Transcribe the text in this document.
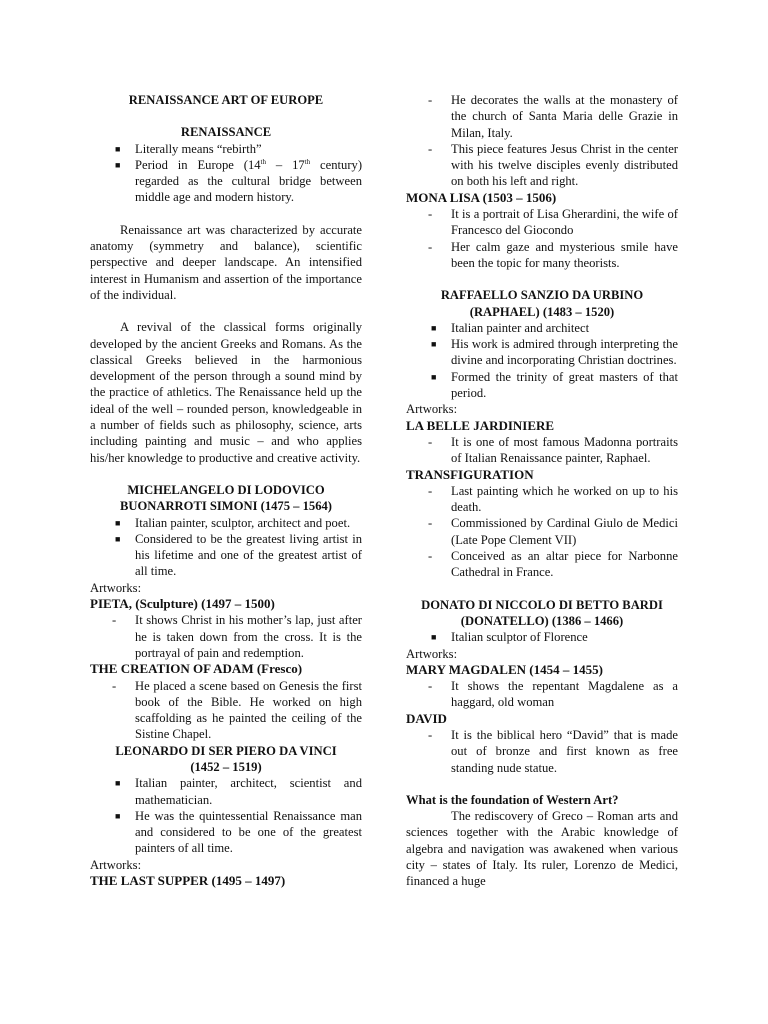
RENAISSANCE ART OF EUROPE

RENAISSANCE

■ Literally means “rebirth”
■ Period in Europe (14th – 17th century) regarded as the cultural bridge between middle age and modern history.

Renaissance art was characterized by accurate anatomy (symmetry and balance), scientific perspective and deeper landscape. An intensified interest in Humanism and assertion of the importance of the individual.

A revival of the classical forms originally developed by the ancient Greeks and Romans. As the classical Greeks believed in the harmonious development of the person through a sound mind by the practice of athletics. The Renaissance held up the ideal of the well – rounded person, knowledgeable in a number of fields such as philosophy, science, arts including painting and music – and who applies his/her knowledge to productive and creative activity.

MICHELANGELO DI LODOVICO BUONARROTI SIMONI (1475 – 1564)

■ Italian painter, sculptor, architect and poet.
■ Considered to be the greatest living artist in his lifetime and one of the greatest artist of all time.

Artworks:

PIETA, (Sculpture) (1497 – 1500)

- It shows Christ in his mother’s lap, just after he is taken down from the cross. It is the portrayal of pain and redemption.

THE CREATION OF ADAM (Fresco)

- He placed a scene based on Genesis the first book of the Bible. He worked on high scaffolding as he painted the ceiling of the Sistine Chapel.

LEONARDO DI SER PIERO DA VINCI
(1452 – 1519)

■ Italian painter, architect, scientist and mathematician.
■ He was the quintessential Renaissance man and considered to be one of the greatest painters of all time.

Artworks:

THE LAST SUPPER (1495 – 1497)

- He decorates the walls at the monastery of the church of Santa Maria delle Grazie in Milan, Italy.
- This piece features Jesus Christ in the center with his twelve disciples evenly distributed on both his left and right.

MONA LISA (1503 – 1506)

- It is a portrait of Lisa Gherardini, the wife of Francesco del Giocondo
- Her calm gaze and mysterious smile have been the topic for many theorists.

RAFFAELLO SANZIO DA URBINO
(RAPHAEL) (1483 – 1520)

■ Italian painter and architect
■ His work is admired through interpreting the divine and incorporating Christian doctrines.
■ Formed the trinity of great masters of that period.

Artworks:

LA BELLE JARDINIERE

- It is one of most famous Madonna portraits of Italian Renaissance painter, Raphael.

TRANSFIGURATION

- Last painting which he worked on up to his death.
- Commissioned by Cardinal Giulo de Medici (Late Pope Clement VII)
- Conceived as an altar piece for Narbonne Cathedral in France.

DONATO DI NICCOLO DI BETTO BARDI
(DONATELLO) (1386 – 1466)

■ Italian sculptor of Florence

Artworks:

MARY MAGDALEN (1454 – 1455)

- It shows the repentant Magdalene as a haggard, old woman

DAVID

- It is the biblical hero “David” that is made out of bronze and first known as free standing nude statue.

What is the foundation of Western Art?

The rediscovery of Greco – Roman arts and sciences together with the Arabic knowledge of algebra and navigation was awakened when various city – states of Italy. Its ruler, Lorenzo de Medici, financed a huge
